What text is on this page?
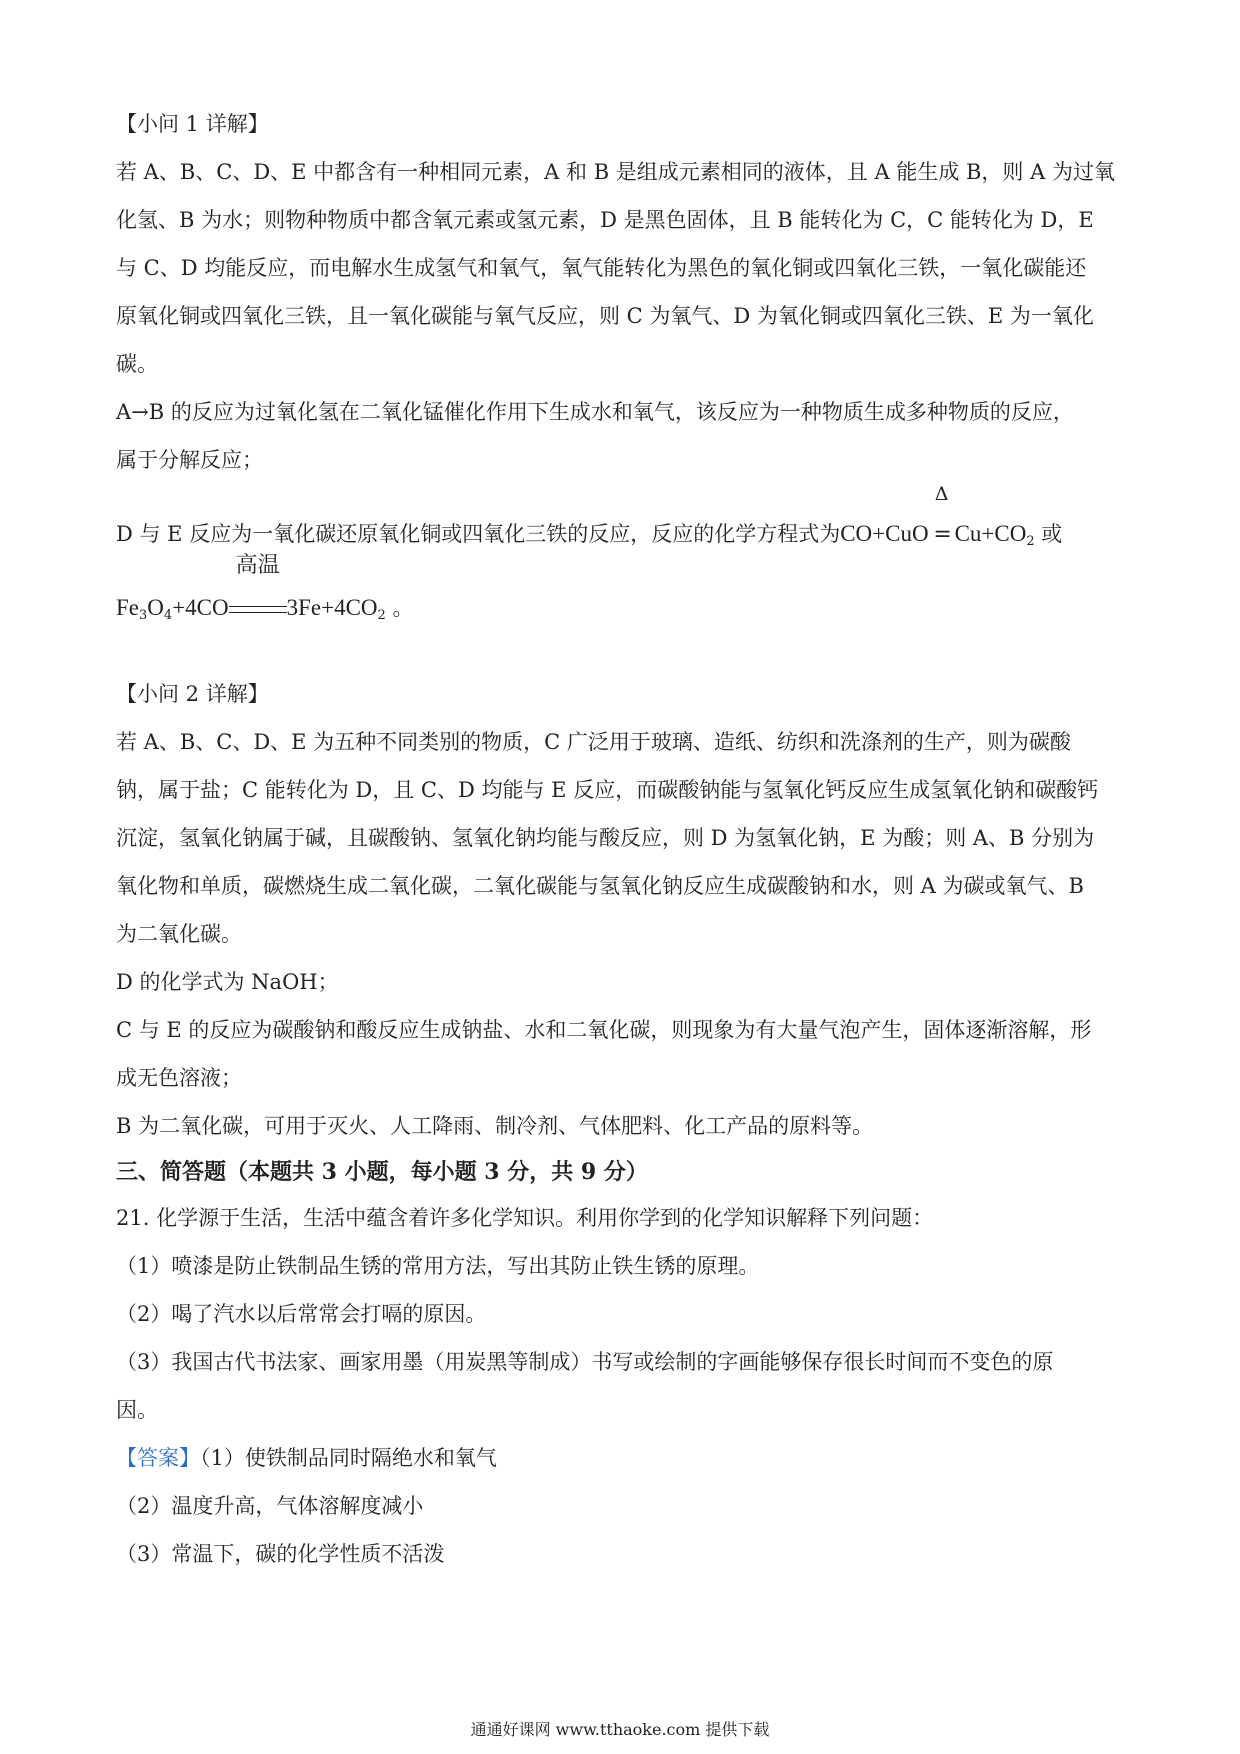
【小问 1 详解】

若 A、B、C、D、E 中都含有一种相同元素，A 和 B 是组成元素相同的液体，且 A 能生成 B，则 A 为过氧

化氢、B 为水；则物种物质中都含氧元素或氢元素，D 是黑色固体，且 B 能转化为 C，C 能转化为 D，E

与 C、D 均能反应，而电解水生成氢气和氧气，氧气能转化为黑色的氧化铜或四氧化三铁，一氧化碳能还

原氧化铜或四氧化三铁，且一氧化碳能与氧气反应，则 C 为氧气、D 为氧化铜或四氧化三铁、E 为一氧化

碳。

A→B 的反应为过氧化氢在二氧化锰催化作用下生成水和氧气，该反应为一种物质生成多种物质的反应，

属于分解反应；

D 与 E 反应为一氧化碳还原氧化铜或四氧化三铁的反应，反应的化学方程式为CO+CuO
Δ
= $Cu+CO_2$ 或

$Fe_3O_4+4CO$
高温
$3Fe+4CO_2$ 。

【小问 2 详解】

若 A、B、C、D、E 为五种不同类别的物质，C 广泛用于玻璃、造纸、纺织和洗涤剂的生产，则为碳酸

钠，属于盐；C 能转化为 D，且 C、D 均能与 E 反应，而碳酸钠能与氢氧化钙反应生成氢氧化钠和碳酸钙

沉淀，氢氧化钠属于碱，且碳酸钠、氢氧化钠均能与酸反应，则 D 为氢氧化钠，E 为酸；则 A、B 分别为

氧化物和单质，碳燃烧生成二氧化碳，二氧化碳能与氢氧化钠反应生成碳酸钠和水，则 A 为碳或氧气、B

为二氧化碳。

D 的化学式为 NaOH；

C 与 E 的反应为碳酸钠和酸反应生成钠盐、水和二氧化碳，则现象为有大量气泡产生，固体逐渐溶解，形

成无色溶液；

B 为二氧化碳，可用于灭火、人工降雨、制冷剂、气体肥料、化工产品的原料等。

三、简答题（本题共 3 小题，每小题 3 分，共 9 分）

21. 化学源于生活，生活中蕴含着许多化学知识。利用你学到的化学知识解释下列问题：

（1）喷漆是防止铁制品生锈的常用方法，写出其防止铁生锈的原理。

（2）喝了汽水以后常常会打嗝的原因。

（3）我国古代书法家、画家用墨（用炭黑等制成）书写或绘制的字画能够保存很长时间而不变色的原

因。

【答案】（1）使铁制品同时隔绝水和氧气

（2）温度升高，气体溶解度减小

（3）常温下，碳的化学性质不活泼

通通好课网 www.tthaoke.com 提供下载
